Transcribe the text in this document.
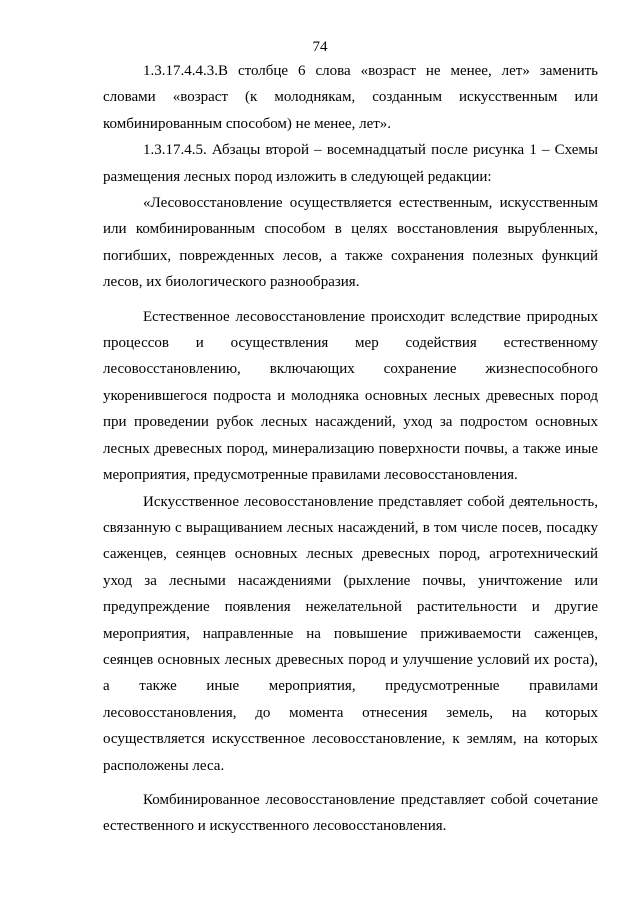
74

1.3.17.4.4.3.В столбце 6 слова «возраст не менее, лет» заменить словами «возраст (к молоднякам, созданным искусственным или комбинированным способом) не менее, лет».

1.3.17.4.5. Абзацы второй – восемнадцатый после рисунка 1 – Схемы размещения лесных пород изложить в следующей редакции:

«Лесовосстановление осуществляется естественным, искусственным или комбинированным способом в целях восстановления вырубленных, погибших, поврежденных лесов, а также сохранения полезных функций лесов, их биологического разнообразия.

Естественное лесовосстановление происходит вследствие природных процессов и осуществления мер содействия естественному лесовосстановлению, включающих сохранение жизнеспособного укоренившегося подроста и молодняка основных лесных древесных пород при проведении рубок лесных насаждений, уход за подростом основных лесных древесных пород, минерализацию поверхности почвы, а также иные мероприятия, предусмотренные правилами лесовосстановления.

Искусственное лесовосстановление представляет собой деятельность, связанную с выращиванием лесных насаждений, в том числе посев, посадку саженцев, сеянцев основных лесных древесных пород, агротехнический уход за лесными насаждениями (рыхление почвы, уничтожение или предупреждение появления нежелательной растительности и другие мероприятия, направленные на повышение приживаемости саженцев, сеянцев основных лесных древесных пород и улучшение условий их роста), а также иные мероприятия, предусмотренные правилами лесовосстановления, до момента отнесения земель, на которых осуществляется искусственное лесовосстановление, к землям, на которых расположены леса.

Комбинированное лесовосстановление представляет собой сочетание естественного и искусственного лесовосстановления.
